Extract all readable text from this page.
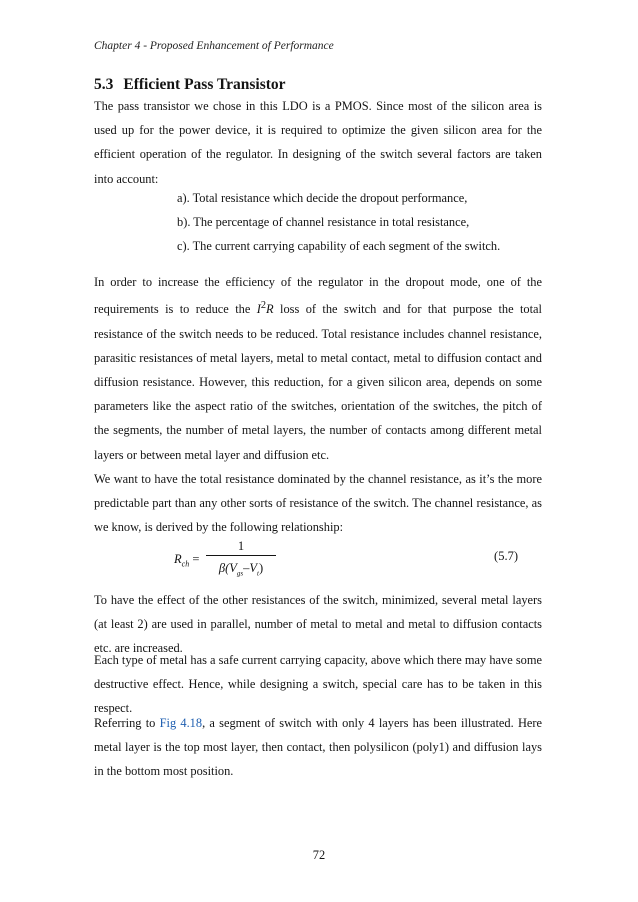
Chapter 4 - Proposed Enhancement of Performance
5.3 Efficient Pass Transistor

The pass transistor we chose in this LDO is a PMOS. Since most of the silicon area is used up for the power device, it is required to optimize the given silicon area for the efficient operation of the regulator. In designing of the switch several factors are taken into account:

a). Total resistance which decide the dropout performance,
b). The percentage of channel resistance in total resistance,
c). The current carrying capability of each segment of the switch.

In order to increase the efficiency of the regulator in the dropout mode, one of the requirements is to reduce the $I^2R$ loss of the switch and for that purpose the total resistance of the switch needs to be reduced. Total resistance includes channel resistance, parasitic resistances of metal layers, metal to metal contact, metal to diffusion contact and diffusion resistance. However, this reduction, for a given silicon area, depends on some parameters like the aspect ratio of the switches, orientation of the switches, the pitch of the segments, the number of metal layers, the number of contacts among different metal layers or between metal layer and diffusion etc.

We want to have the total resistance dominated by the channel resistance, as it’s the more predictable part than any other sorts of resistance of the switch. The channel resistance, as we know, is derived by the following relationship:

$R_{ch}$ =
1
$\beta(V_{gs}-V_t)$
(5.7)

To have the effect of the other resistances of the switch, minimized, several metal layers (at least 2) are used in parallel, number of metal to metal and metal to diffusion contacts etc. are increased.

Each type of metal has a safe current carrying capacity, above which there may have some destructive effect. Hence, while designing a switch, special care has to be taken in this respect.

Referring to Fig 4.18, a segment of switch with only 4 layers has been illustrated. Here metal layer is the top most layer, then contact, then polysilicon (poly1) and diffusion lays in the bottom most position.

72
